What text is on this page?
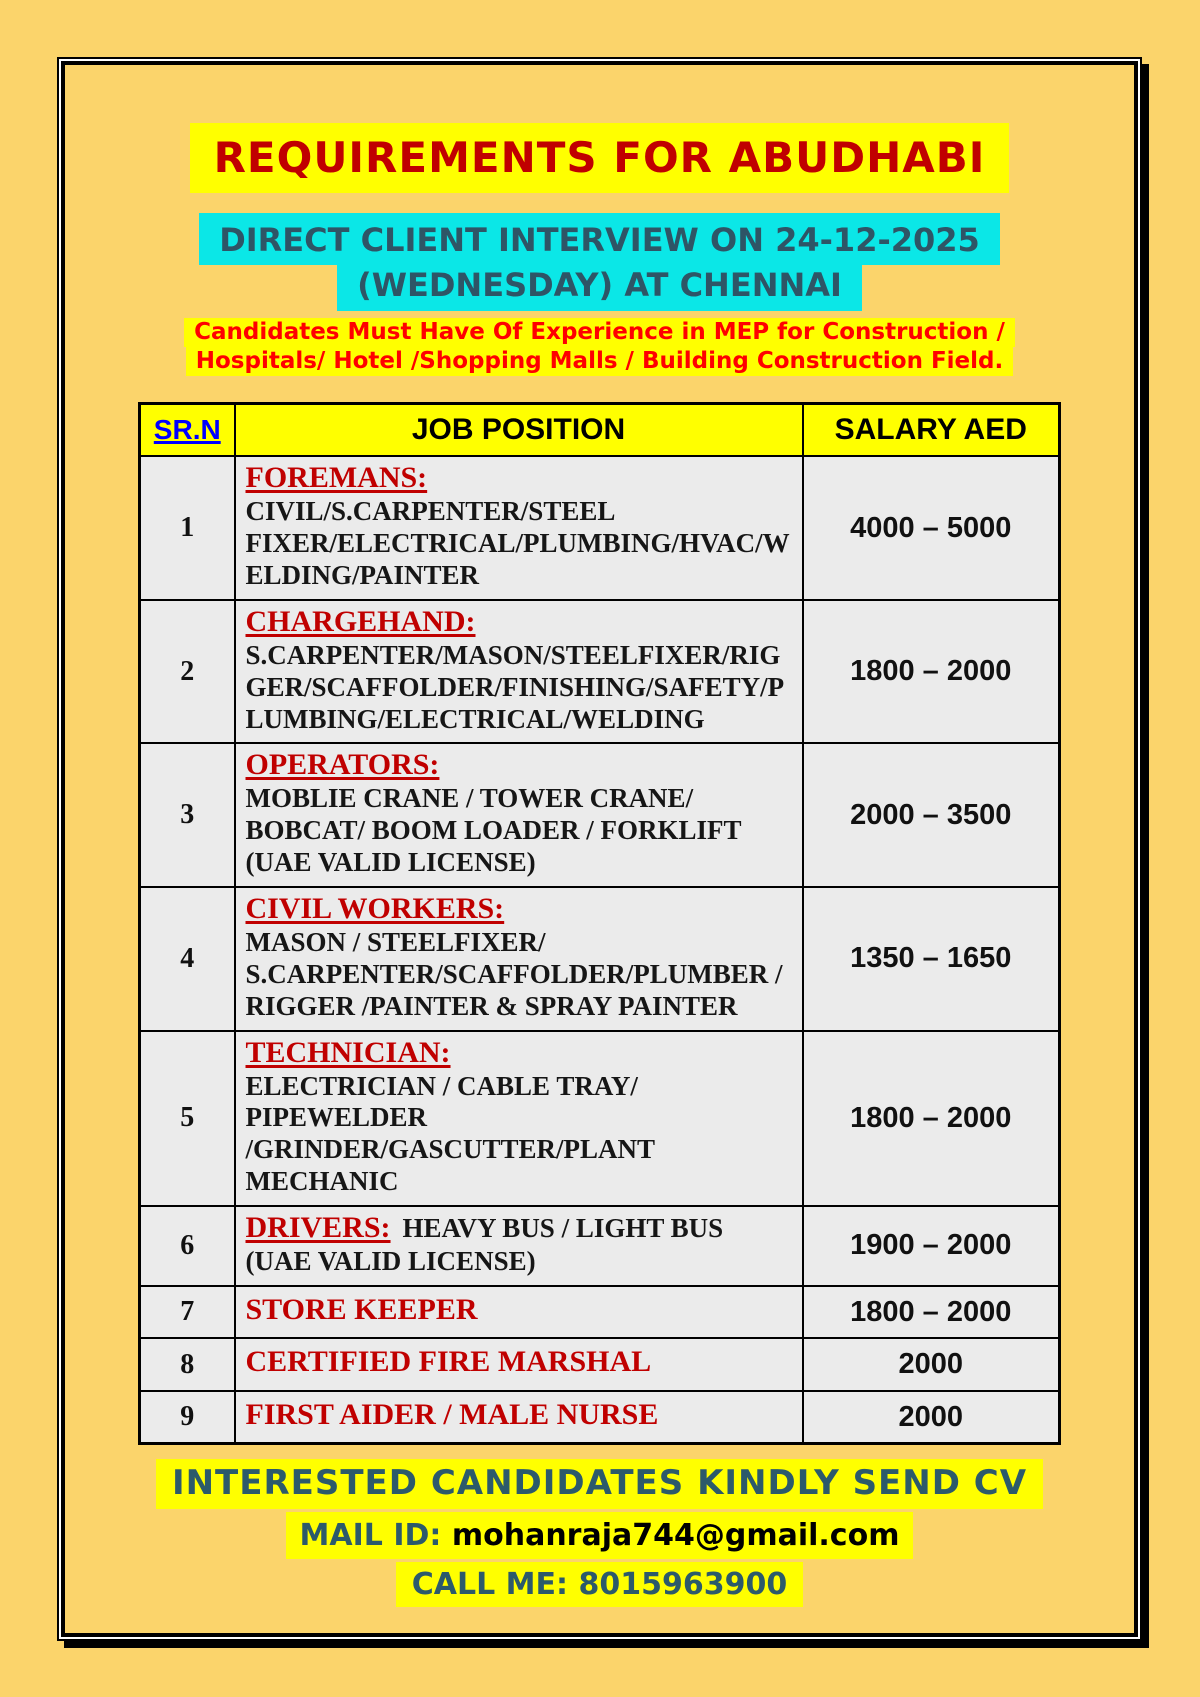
REQUIREMENTS FOR ABUDHABI
DIRECT CLIENT INTERVIEW ON 24-12-2025
(WEDNESDAY) AT CHENNAI
Candidates Must Have Of Experience in MEP for Construction /
Hospitals/ Hotel /Shopping Malls / Building Construction Field.
SR.N	JOB POSITION	SALARY AED
1	FOREMANS:
CIVIL/S.CARPENTER/STEEL FIXER/ELECTRICAL/PLUMBING/HVAC/WELDING/PAINTER	4000 – 5000
2	CHARGEHAND:
S.CARPENTER/MASON/STEELFIXER/RIGGER/SCAFFOLDER/FINISHING/SAFETY/PLUMBING/ELECTRICAL/WELDING	1800 – 2000
3	OPERATORS:
MOBLIE CRANE / TOWER CRANE/ BOBCAT/ BOOM LOADER / FORKLIFT
(UAE VALID LICENSE)	2000 – 3500
4	CIVIL WORKERS:
MASON / STEELFIXER/ S.CARPENTER/SCAFFOLDER/PLUMBER / RIGGER /PAINTER & SPRAY PAINTER	1350 – 1650
5	TECHNICIAN:
ELECTRICIAN / CABLE TRAY/ PIPEWELDER /GRINDER/GASCUTTER/PLANT MECHANIC	1800 – 2000
6	DRIVERS: HEAVY BUS / LIGHT BUS
(UAE VALID LICENSE)	1900 – 2000
7	STORE KEEPER	1800 – 2000
8	CERTIFIED FIRE MARSHAL	2000
9	FIRST AIDER / MALE NURSE	2000
INTERESTED CANDIDATES KINDLY SEND CV
MAIL ID: mohanraja744@gmail.com
CALL ME: 8015963900
